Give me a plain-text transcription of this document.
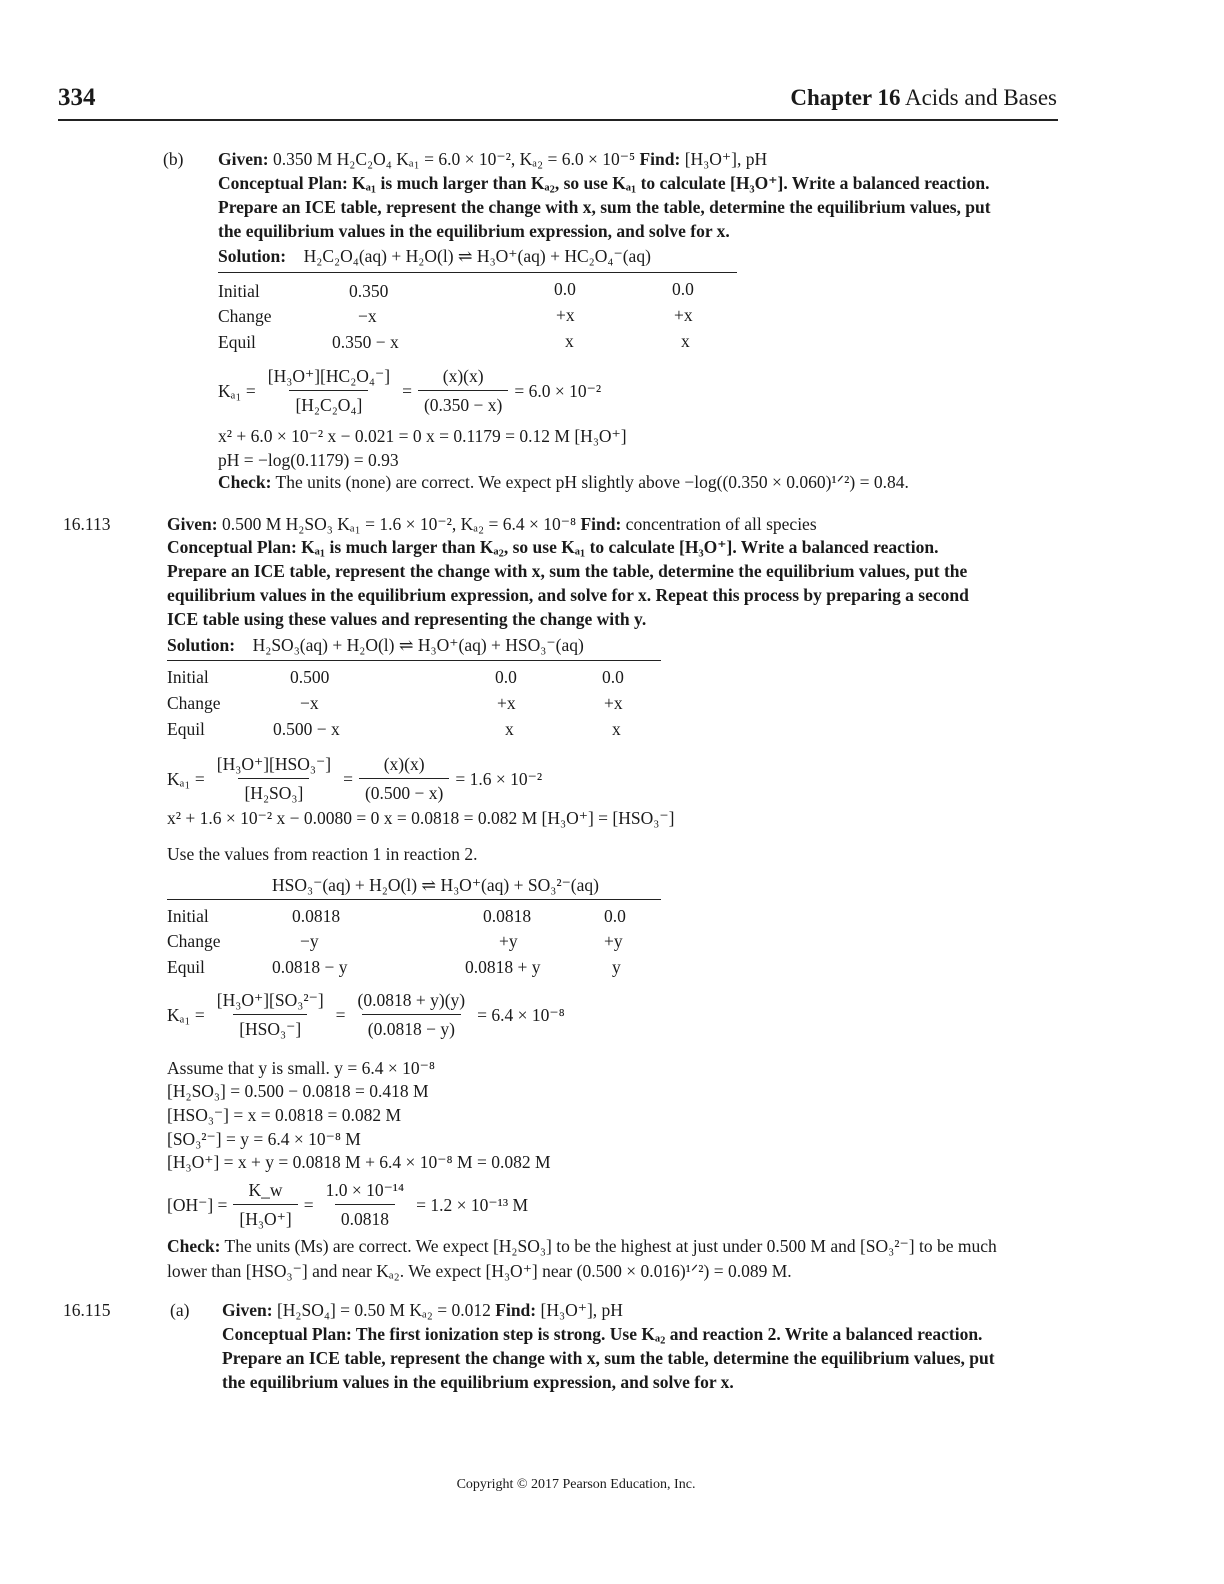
334	Chapter 16 Acids and Bases
(b) Given: 0.350 M H₂C₂O₄ Kₐ₁ = 6.0 × 10⁻², Kₐ₂ = 6.0 × 10⁻⁵ Find: [H₃O⁺], pH
Conceptual Plan: Kₐ₁ is much larger than Kₐ₂, so use Kₐ₁ to calculate [H₃O⁺]. Write a balanced reaction.
Prepare an ICE table, represent the change with x, sum the table, determine the equilibrium values, put
the equilibrium values in the equilibrium expression, and solve for x.
Solution: H₂C₂O₄(aq) + H₂O(l) ⇌ H₃O⁺(aq) + HC₂O₄⁻(aq)
Initial	0.350	0.0	0.0
Change	−x	+x	+x
Equil	0.350 − x	x	x
$K_{a1} = \frac{\text{[H₃O⁺][HC₂O₄⁻]}}{\text{[H₂C₂O₄]}} = \frac{(x)(x)}{(0.350 - x)} = 6.0 \times 10^{-2}$
x² + 6.0 × 10⁻² x − 0.021 = 0 x = 0.1179 = 0.12 M [H₃O⁺]
pH = −log(0.1179) = 0.93
Check: The units (none) are correct. We expect pH slightly above −log((0.350 × 0.060)¹ᐟ²) = 0.84.
16.113	Given: 0.500 M H₂SO₃ Kₐ₁ = 1.6 × 10⁻², Kₐ₂ = 6.4 × 10⁻⁸ Find: concentration of all species
Conceptual Plan: Kₐ₁ is much larger than Kₐ₂, so use Kₐ₁ to calculate [H₃O⁺]. Write a balanced reaction.
Prepare an ICE table, represent the change with x, sum the table, determine the equilibrium values, put the
equilibrium values in the equilibrium expression, and solve for x. Repeat this process by preparing a second
ICE table using these values and representing the change with y.
Solution: H₂SO₃(aq) + H₂O(l) ⇌ H₃O⁺(aq) + HSO₃⁻(aq)
Initial	0.500	0.0	0.0
Change	−x	+x	+x
Equil	0.500 − x	x	x
$K_{a1} = \frac{\text{[H₃O⁺][HSO₃⁻]}}{\text{[H₂SO₃]}} = \frac{(x)(x)}{(0.500 - x)} = 1.6 \times 10^{-2}$
x² + 1.6 × 10⁻² x − 0.0080 = 0 x = 0.0818 = 0.082 M [H₃O⁺] = [HSO₃⁻]
Use the values from reaction 1 in reaction 2.
HSO₃⁻(aq) + H₂O(l) ⇌ H₃O⁺(aq) + SO₃²⁻(aq)
Initial	0.0818	0.0818	0.0
Change	−y	+y	+y
Equil	0.0818 − y	0.0818 + y	y
$K_{a1} = \frac{\text{[H₃O⁺][SO₃²⁻]}}{\text{[HSO₃⁻]}} = \frac{(0.0818 + y)(y)}{(0.0818 - y)} = 6.4 \times 10^{-8}$
Assume that y is small. y = 6.4 × 10⁻⁸
[H₂SO₃] = 0.500 − 0.0818 = 0.418 M
[HSO₃⁻] = x = 0.0818 = 0.082 M
[SO₃²⁻] = y = 6.4 × 10⁻⁸ M
[H₃O⁺] = x + y = 0.0818 M + 6.4 × 10⁻⁸ M = 0.082 M
$[OH^-] = \frac{K\_w}{\text{[H₃O⁺]}} = \frac{\text{1.0 × 10⁻¹⁴}}{0.0818} = 1.2 \times 10^{-13}$ M
Check: The units (Ms) are correct. We expect [H₂SO₃] to be the highest at just under 0.500 M and [SO₃²⁻] to be much
lower than [HSO₃⁻] and near Kₐ₂. We expect [H₃O⁺] near (0.500 × 0.016)¹ᐟ²) = 0.089 M.
16.115	(a) Given: [H₂SO₄] = 0.50 M Kₐ₂ = 0.012 Find: [H₃O⁺], pH
Conceptual Plan: The first ionization step is strong. Use Kₐ₂ and reaction 2. Write a balanced reaction.
Prepare an ICE table, represent the change with x, sum the table, determine the equilibrium values, put
the equilibrium values in the equilibrium expression, and solve for x.
Copyright © 2017 Pearson Education, Inc.
